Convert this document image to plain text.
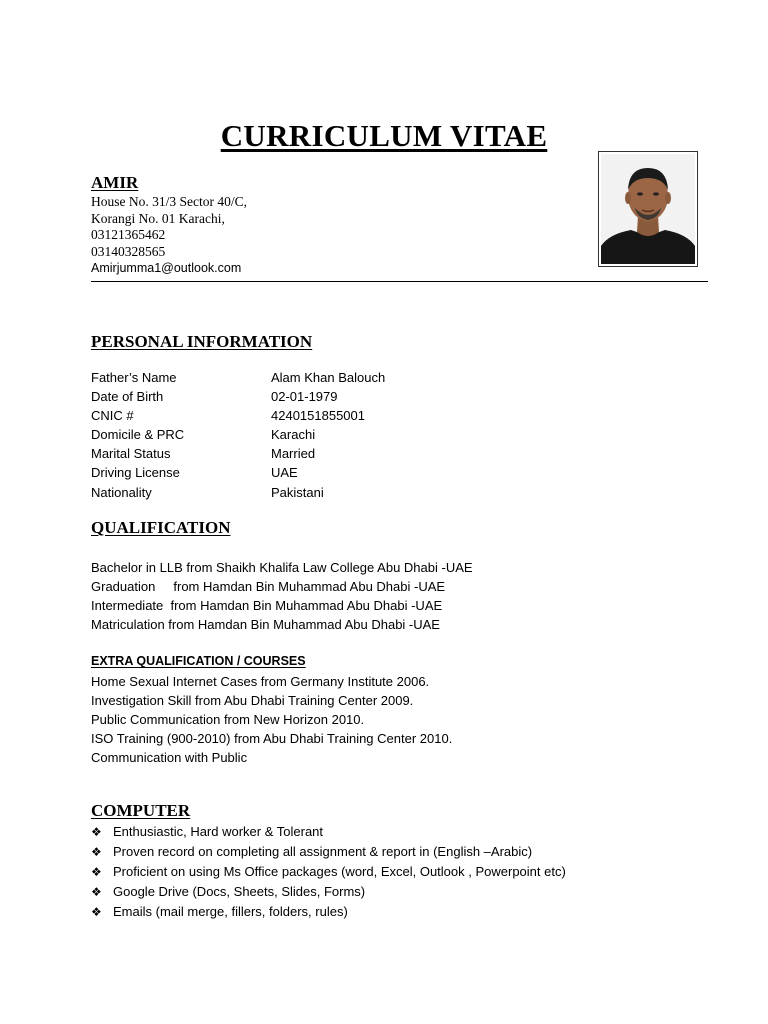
CURRICULUM VITAE

AMIR

House No. 31/3 Sector 40/C,

Korangi No. 01 Karachi,

03121365462

03140328565

Amirjumma1@outlook.com

PERSONAL INFORMATION

Father’s Name	Alam Khan Balouch
Date of Birth	02-01-1979
CNIC #	4240151855001
Domicile & PRC	Karachi
Marital Status	Married
Driving License	UAE
Nationality	Pakistani

QUALIFICATION

Bachelor in LLB from Shaikh Khalifa Law College Abu Dhabi -UAE
Graduation     from Hamdan Bin Muhammad Abu Dhabi -UAE
Intermediate  from Hamdan Bin Muhammad Abu Dhabi -UAE
Matriculation from Hamdan Bin Muhammad Abu Dhabi -UAE

EXTRA QUALIFICATION / COURSES

Home Sexual Internet Cases from Germany Institute 2006.
Investigation Skill from Abu Dhabi Training Center 2009.
Public Communication from New Horizon 2010.
ISO Training (900-2010) from Abu Dhabi Training Center 2010.
Communication with Public

COMPUTER

❖ Enthusiastic, Hard worker & Tolerant
❖ Proven record on completing all assignment & report in (English –Arabic)
❖ Proficient on using Ms Office packages (word, Excel, Outlook , Powerpoint etc)
❖ Google Drive (Docs, Sheets, Slides, Forms)
❖ Emails (mail merge, fillers, folders, rules)
